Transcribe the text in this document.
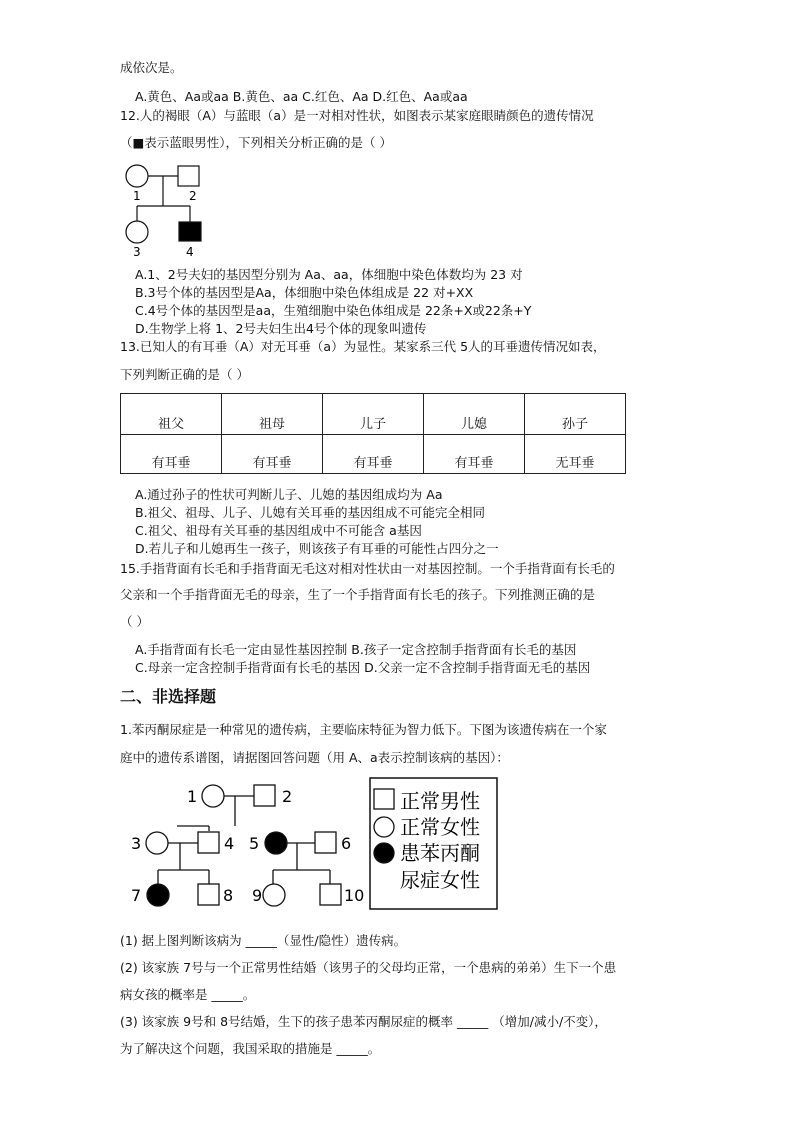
成依次是。
A.黄色、Aa或aa B.黄色、aa C.红色、Aa D.红色、Aa或aa
12.人的褐眼（A）与蓝眼（a）是一对相对性状，如图表示某家庭眼睛颜色的遗传情况
（■表示蓝眼男性），下列相关分析正确的是（ ）
1	2
3	4
A.1、2号夫妇的基因型分别为 Aa、aa，体细胞中染色体数均为 23 对
B.3号个体的基因型是Aa，体细胞中染色体组成是 22 对+XX
C.4号个体的基因型是aa，生殖细胞中染色体组成是 22条+X或22条+Y
D.生物学上将 1、2号夫妇生出4号个体的现象叫遗传
13.已知人的有耳垂（A）对无耳垂（a）为显性。某家系三代 5人的耳垂遗传情况如表，
下列判断正确的是（ ）
祖父	祖母	儿子	儿媳	孙子
有耳垂	有耳垂	有耳垂	有耳垂	无耳垂
A.通过孙子的性状可判断儿子、儿媳的基因组成均为 Aa
B.祖父、祖母、儿子、儿媳有关耳垂的基因组成不可能完全相同
C.祖父、祖母有关耳垂的基因组成中不可能含 a基因
D.若儿子和儿媳再生一孩子，则该孩子有耳垂的可能性占四分之一
15.手指背面有长毛和手指背面无毛这对相对性状由一对基因控制。一个手指背面有长毛的
父亲和一个手指背面无毛的母亲，生了一个手指背面有长毛的孩子。下列推测正确的是
（ ）
A.手指背面有长毛一定由显性基因控制 B.孩子一定含控制手指背面有长毛的基因
C.母亲一定含控制手指背面有长毛的基因 D.父亲一定不含控制手指背面无毛的基因
二、非选择题
1.苯丙酮尿症是一种常见的遗传病，主要临床特征为智力低下。下图为该遗传病在一个家
庭中的遗传系谱图，请据图回答问题（用 A、a表示控制该病的基因）：
1	2
3	4 5	6
7	8 9	10
正常男性
正常女性
患苯丙酮
尿症女性
(1) 据上图判断该病为 _____（显性/隐性）遗传病。
(2) 该家族 7号与一个正常男性结婚（该男子的父母均正常，一个患病的弟弟）生下一个患
病女孩的概率是 _____。
(3) 该家族 9号和 8号结婚，生下的孩子患苯丙酮尿症的概率 _____ （增加/减小/不变），
为了解决这个问题，我国采取的措施是 _____。
